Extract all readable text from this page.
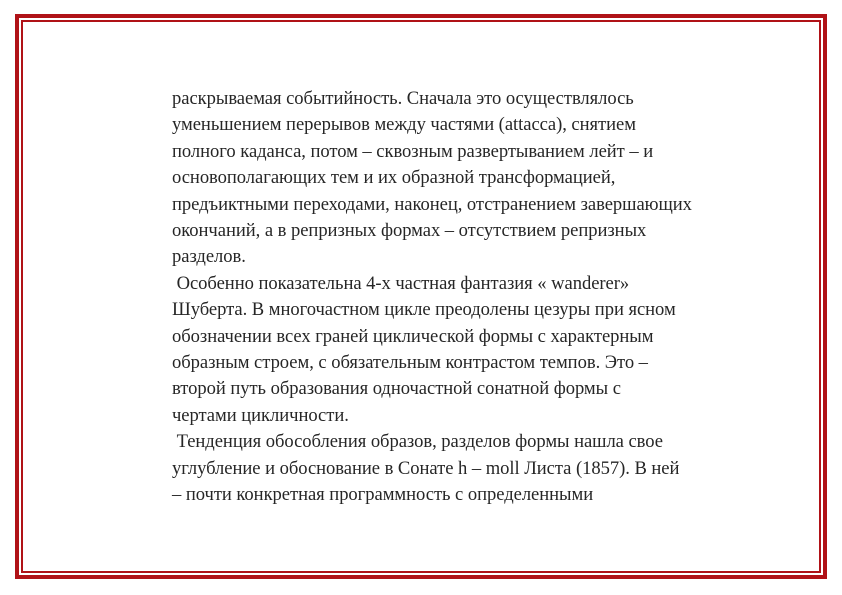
раскрываемая событийность. Сначала это осуществлялось
уменьшением перерывов между частями (attacca), снятием
полного каданса, потом – сквозным развертыванием лейт – и
основополагающих тем и их образной трансформацией,
предъиктными переходами, наконец, отстранением завершающих
окончаний, а в репризных формах – отсутствием репризных
разделов.
Особенно показательна 4-х частная фантазия « wanderer»
Шуберта. В многочастном цикле преодолены цезуры при ясном
обозначении всех граней циклической формы с характерным
образным строем, с обязательным контрастом темпов. Это –
второй путь образования одночастной сонатной формы с
чертами цикличности.
Тенденция обособления образов, разделов формы нашла свое
углубление и обоснование в Сонате h – moll Листа (1857). В ней
– почти конкретная программность с определенными
